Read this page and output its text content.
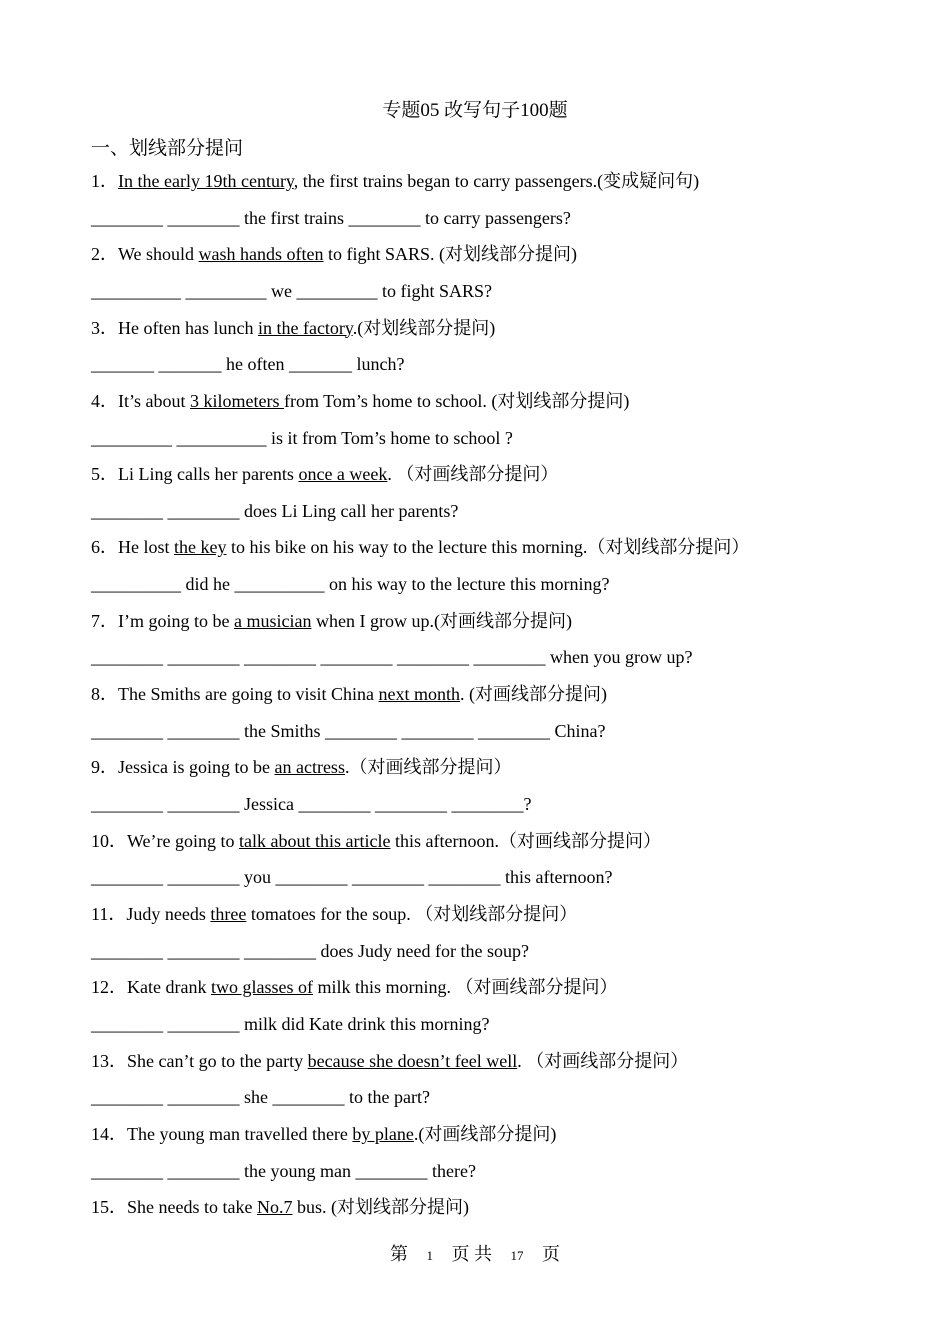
专题05 改写句子100题
一、划线部分提问
1．In the early 19th century, the first trains began to carry passengers.(变成疑问句)
________ ________ the first trains ________ to carry passengers?
2．We should wash hands often to fight SARS. (对划线部分提问)
__________ _________ we _________ to fight SARS?
3．He often has lunch in the factory.(对划线部分提问)
_______ _______ he often _______ lunch?
4．It’s about 3 kilometers from Tom’s home to school. (对划线部分提问)
_________ __________ is it from Tom’s home to school ?
5．Li Ling calls her parents once a week. （对画线部分提问）
________ ________ does Li Ling call her parents?
6．He lost the key to his bike on his way to the lecture this morning.（对划线部分提问）
__________ did he __________ on his way to the lecture this morning?
7．I’m going to be a musician when I grow up.(对画线部分提问)
________ ________ ________ ________ ________ ________ when you grow up?
8．The Smiths are going to visit China next month. (对画线部分提问)
________ ________ the Smiths ________ ________ ________ China?
9．Jessica is going to be an actress.（对画线部分提问）
________ ________ Jessica ________ ________ ________?
10．We’re going to talk about this article this afternoon.（对画线部分提问）
________ ________ you ________ ________ ________ this afternoon?
11．Judy needs three tomatoes for the soup. （对划线部分提问）
________ ________ ________ does Judy need for the soup?
12．Kate drank two glasses of milk this morning. （对画线部分提问）
________ ________ milk did Kate drink this morning?
13．She can’t go to the party because she doesn’t feel well. （对画线部分提问）
________ ________ she ________ to the part?
14．The young man travelled there by plane.(对画线部分提问)
________ ________ the young man ________ there?
15．She needs to take No.7 bus. (对划线部分提问)
第 1 页 共 17 页
